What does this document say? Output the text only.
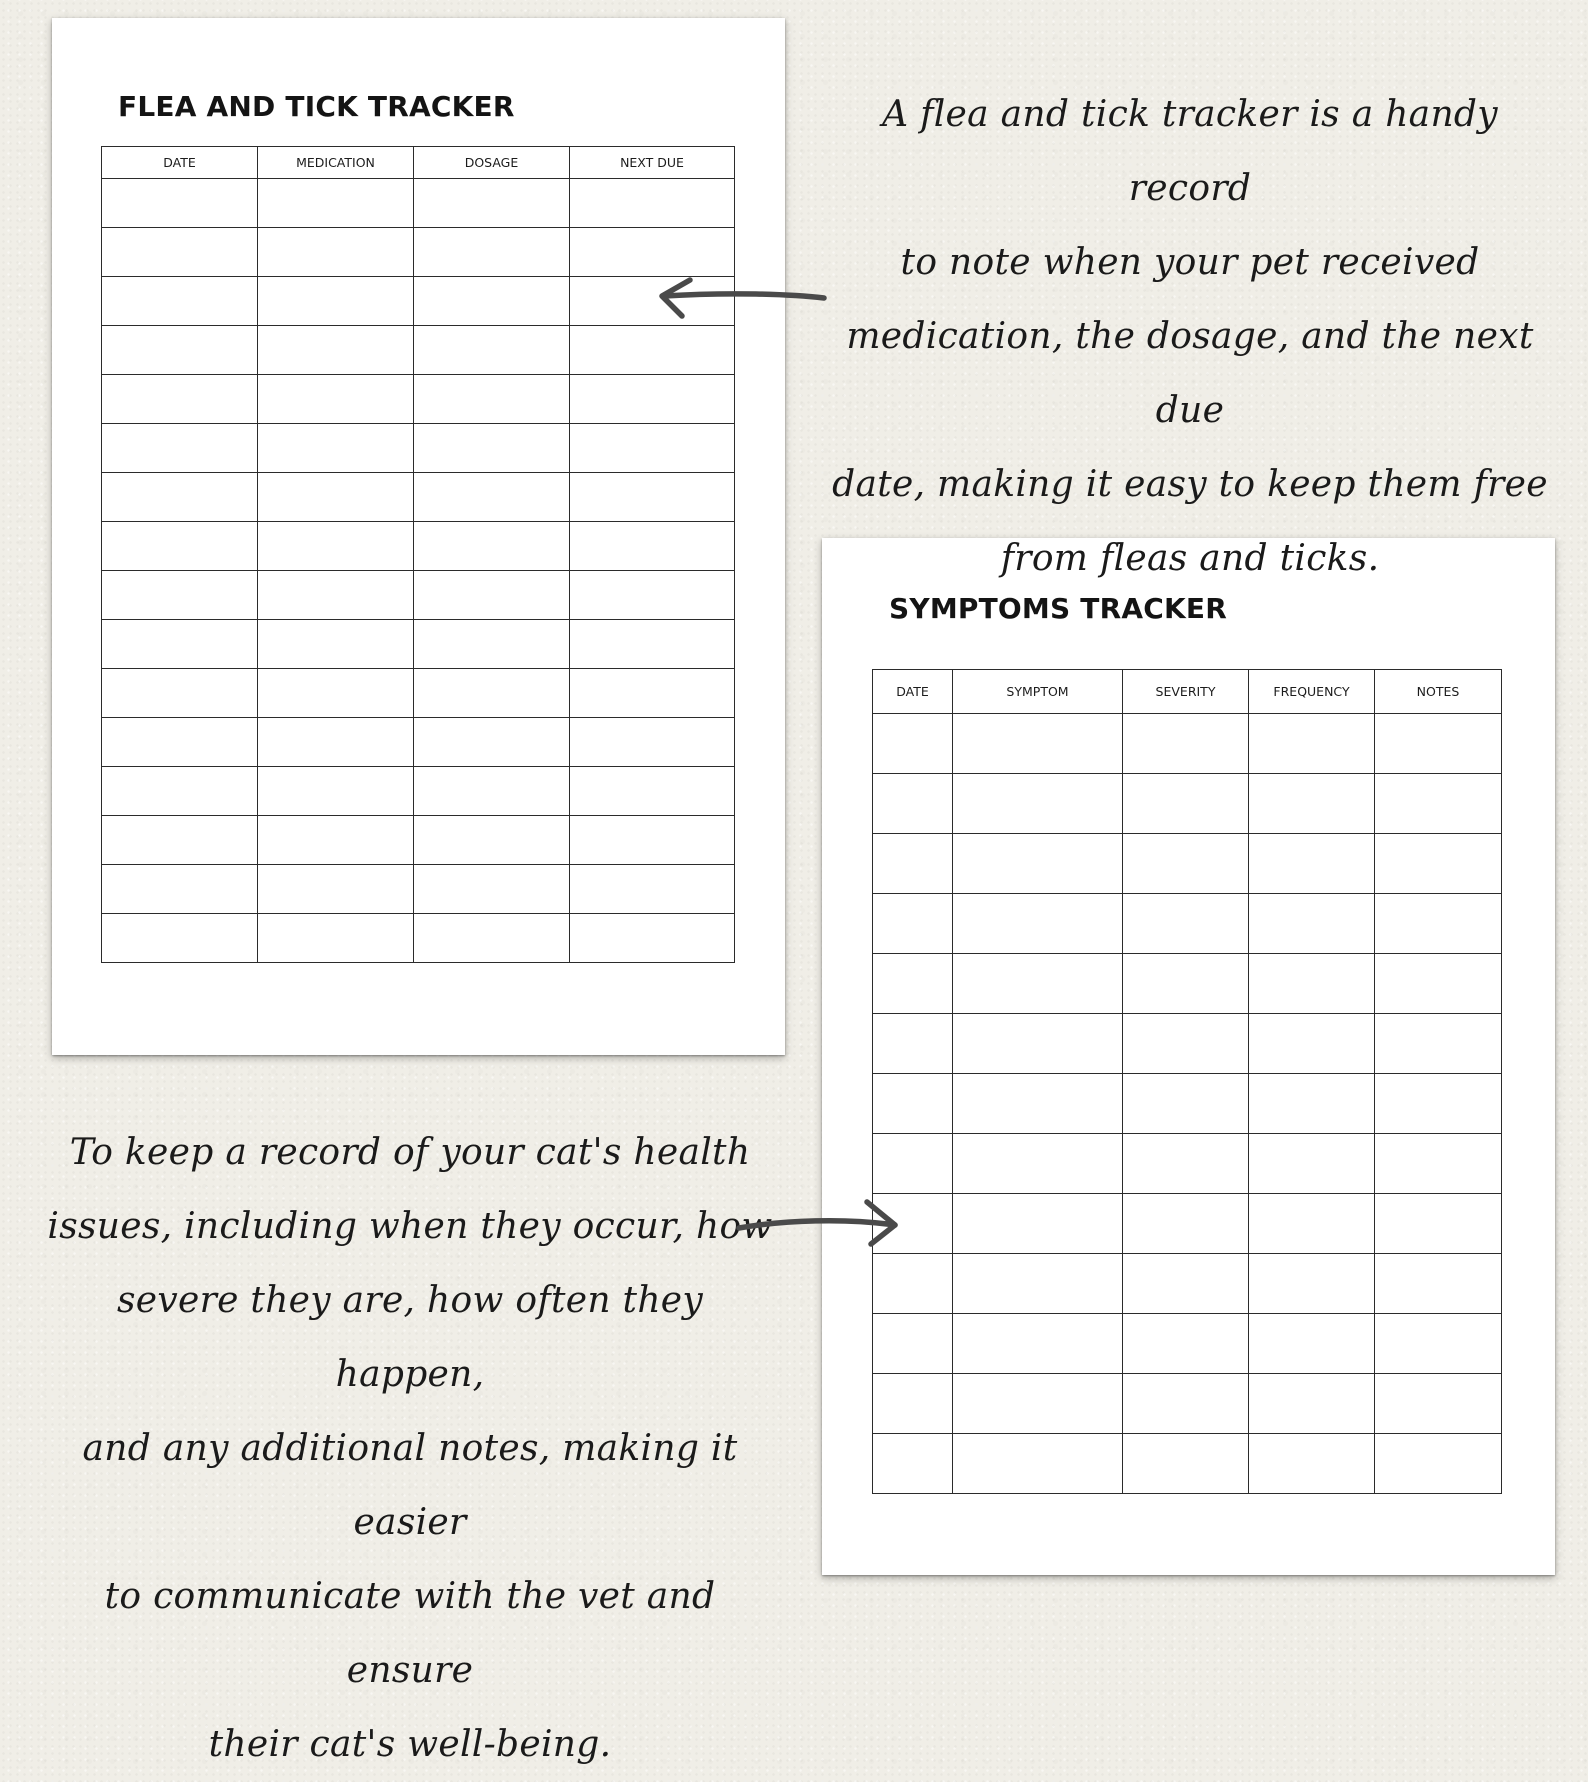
FLEA AND TICK TRACKER
DATE	MEDICATION	DOSAGE	NEXT DUE

SYMPTOMS TRACKER
DATE	SYMPTOM	SEVERITY	FREQUENCY	NOTES

A flea and tick tracker is a handy record
to note when your pet received
medication, the dosage, and the next due
date, making it easy to keep them free
from fleas and ticks.
To keep a record of your cat's health
issues, including when they occur, how
severe they are, how often they happen,
and any additional notes, making it easier
to communicate with the vet and ensure
their cat's well-being.
